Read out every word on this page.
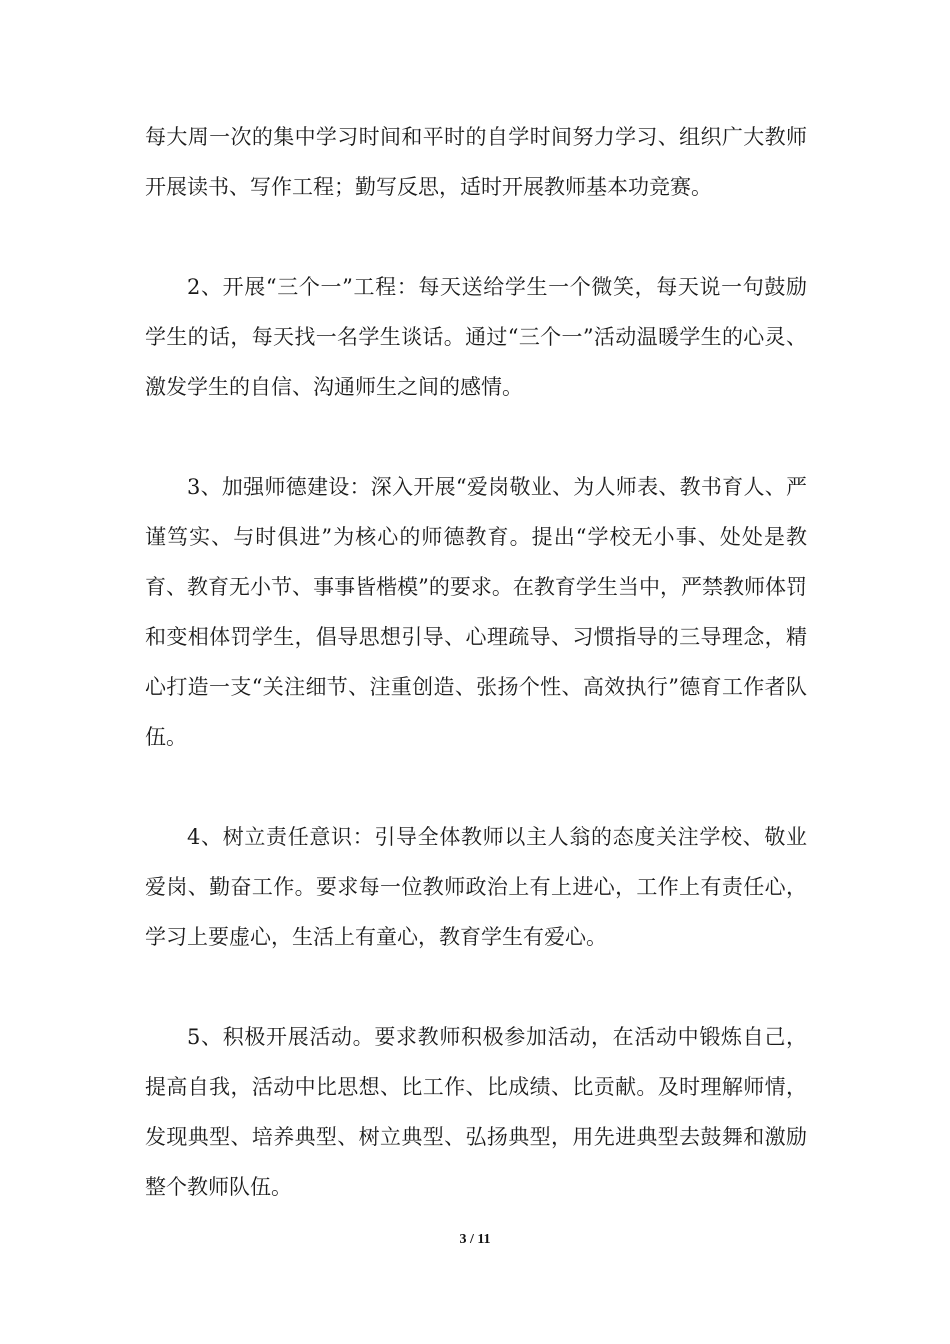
每大周一次的集中学习时间和平时的自学时间努力学习、组织广大教师开展读书、写作工程；勤写反思，适时开展教师基本功竞赛。

2、开展“三个一”工程：每天送给学生一个微笑，每天说一句鼓励学生的话，每天找一名学生谈话。通过“三个一”活动温暖学生的心灵、激发学生的自信、沟通师生之间的感情。

3、加强师德建设：深入开展“爱岗敬业、为人师表、教书育人、严谨笃实、与时俱进”为核心的师德教育。提出“学校无小事、处处是教育、教育无小节、事事皆楷模”的要求。在教育学生当中，严禁教师体罚和变相体罚学生，倡导思想引导、心理疏导、习惯指导的三导理念，精心打造一支“关注细节、注重创造、张扬个性、高效执行”德育工作者队伍。

4、树立责任意识：引导全体教师以主人翁的态度关注学校、敬业爱岗、勤奋工作。要求每一位教师政治上有上进心，工作上有责任心，学习上要虚心，生活上有童心，教育学生有爱心。

5、积极开展活动。要求教师积极参加活动，在活动中锻炼自己，提高自我，活动中比思想、比工作、比成绩、比贡献。及时理解师情，发现典型、培养典型、树立典型、弘扬典型，用先进典型去鼓舞和激励整个教师队伍。

3 / 11
